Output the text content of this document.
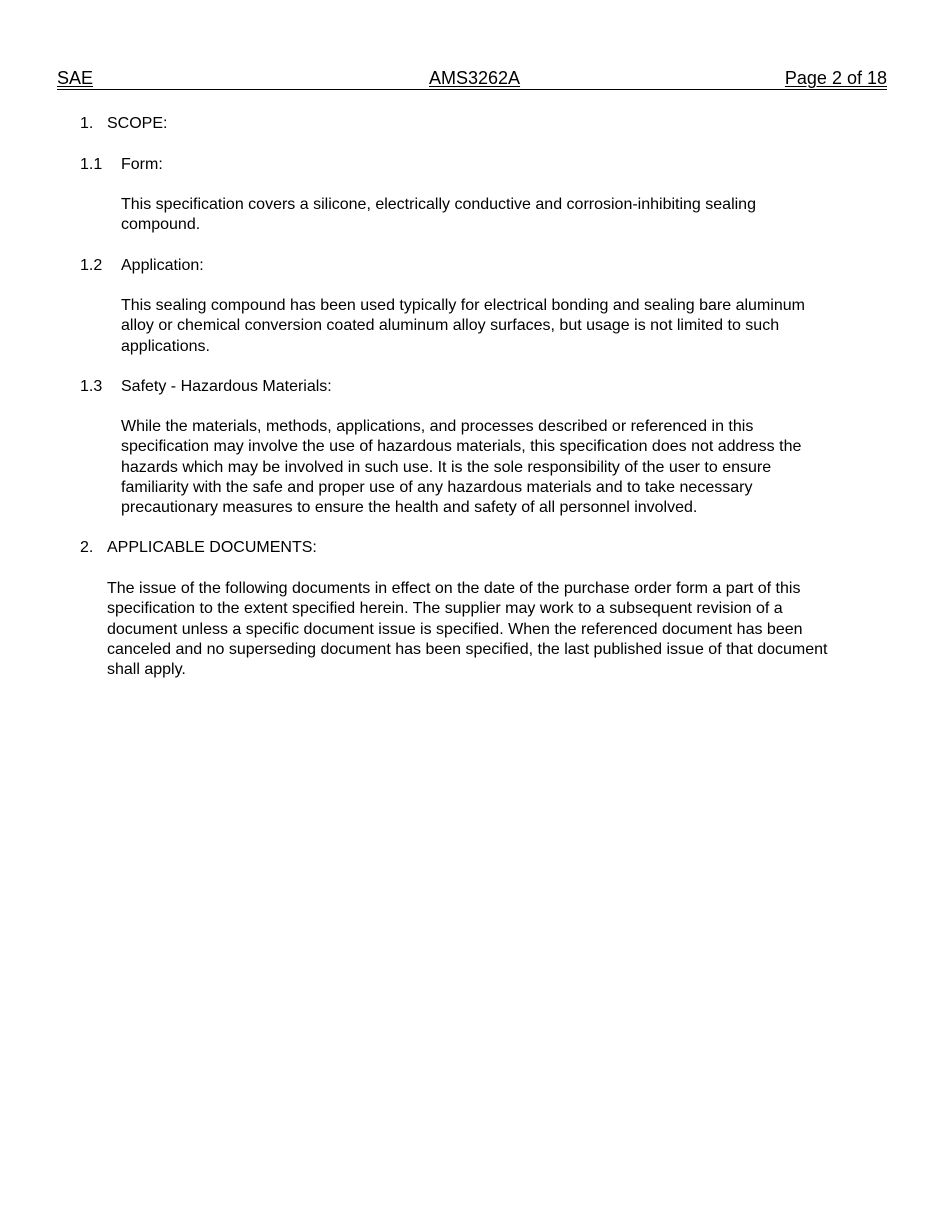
SAE	AMS3262A	Page 2 of 18
1. SCOPE:
1.1 Form:
This specification covers a silicone, electrically conductive and corrosion-inhibiting sealing
compound.
1.2 Application:
This sealing compound has been used typically for electrical bonding and sealing bare aluminum
alloy or chemical conversion coated aluminum alloy surfaces, but usage is not limited to such
applications.
1.3 Safety - Hazardous Materials:
While the materials, methods, applications, and processes described or referenced in this
specification may involve the use of hazardous materials, this specification does not address the
hazards which may be involved in such use. It is the sole responsibility of the user to ensure
familiarity with the safe and proper use of any hazardous materials and to take necessary
precautionary measures to ensure the health and safety of all personnel involved.
2. APPLICABLE DOCUMENTS:
The issue of the following documents in effect on the date of the purchase order form a part of this
specification to the extent specified herein. The supplier may work to a subsequent revision of a
document unless a specific document issue is specified. When the referenced document has been
canceled and no superseding document has been specified, the last published issue of that document
shall apply.
